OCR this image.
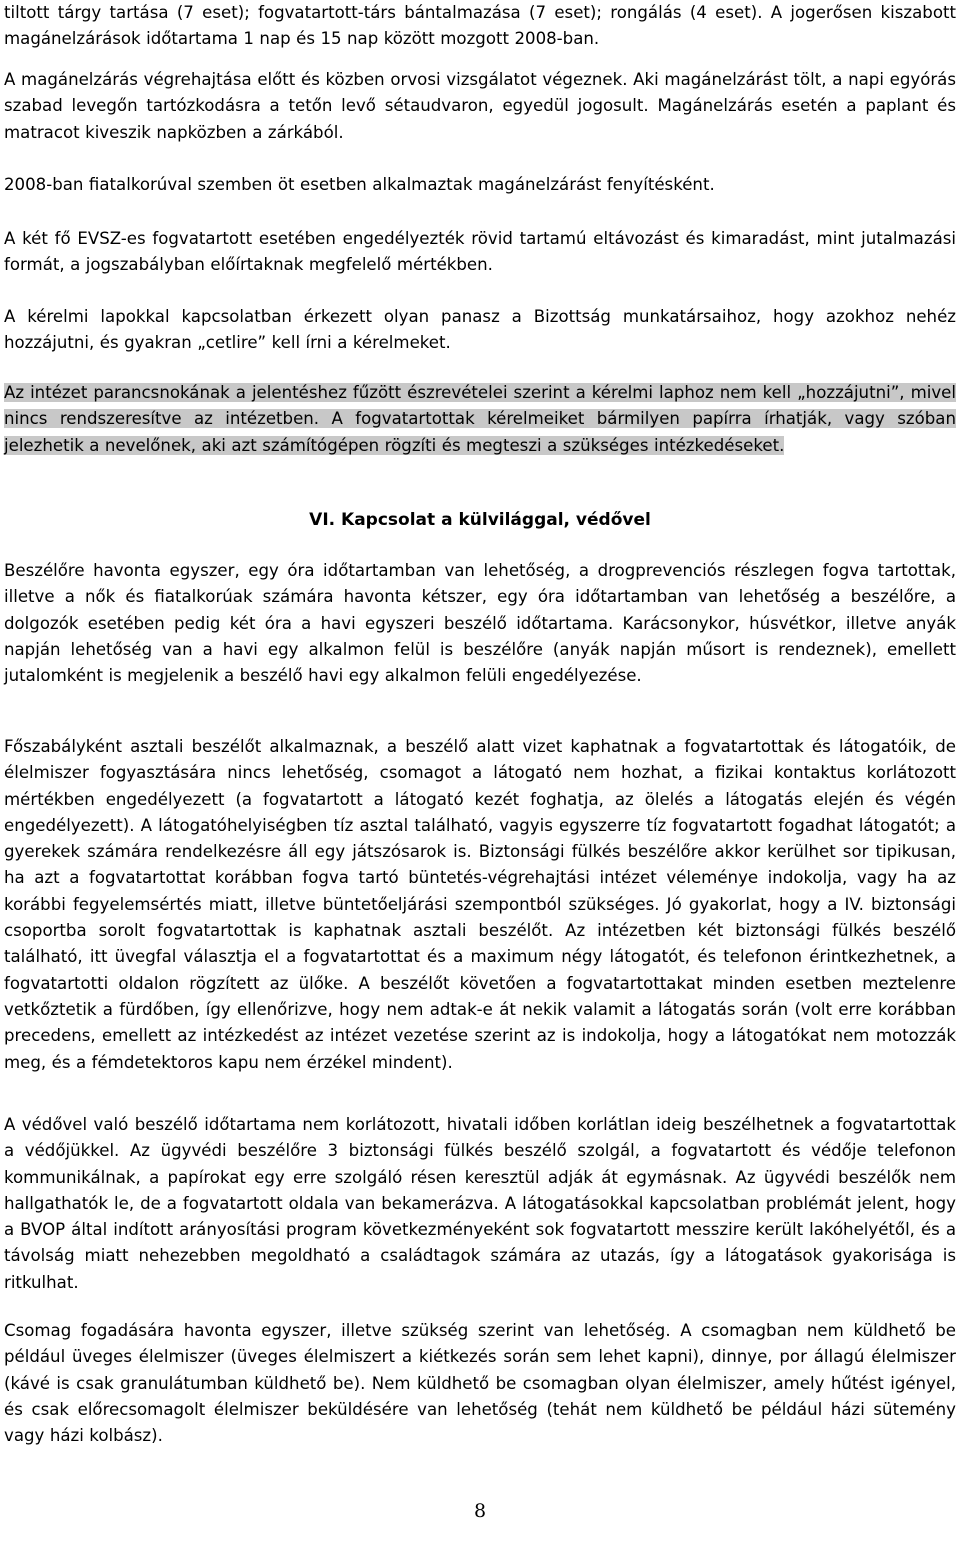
tiltott tárgy tartása (7 eset); fogvatartott-társ bántalmazása (7 eset); rongálás (4 eset). A jogerősen kiszabott magánelzárások időtartama 1 nap és 15 nap között mozgott 2008-ban.

A magánelzárás végrehajtása előtt és közben orvosi vizsgálatot végeznek. Aki magánelzárást tölt, a napi egyórás szabad levegőn tartózkodásra a tetőn levő sétaudvaron, egyedül jogosult. Magánelzárás esetén a paplant és matracot kiveszik napközben a zárkából.

2008-ban fiatalkorúval szemben öt esetben alkalmaztak magánelzárást fenyítésként.

A két fő EVSZ-es fogvatartott esetében engedélyezték rövid tartamú eltávozást és kimaradást, mint jutalmazási formát, a jogszabályban előírtaknak megfelelő mértékben.

A kérelmi lapokkal kapcsolatban érkezett olyan panasz a Bizottság munkatársaihoz, hogy azokhoz nehéz hozzájutni, és gyakran „cetlire” kell írni a kérelmeket.

Az intézet parancsnokának a jelentéshez fűzött észrevételei szerint a kérelmi laphoz nem kell „hozzájutni”, mivel nincs rendszeresítve az intézetben. A fogvatartottak kérelmeiket bármilyen papírra írhatják, vagy szóban jelezhetik a nevelőnek, aki azt számítógépen rögzíti és megteszi a szükséges intézkedéseket.

VI. Kapcsolat a külvilággal, védővel

Beszélőre havonta egyszer, egy óra időtartamban van lehetőség, a drogprevenciós részlegen fogva tartottak, illetve a nők és fiatalkorúak számára havonta kétszer, egy óra időtartamban van lehetőség a beszélőre, a dolgozók esetében pedig két óra a havi egyszeri beszélő időtartama. Karácsonykor, húsvétkor, illetve anyák napján lehetőség van a havi egy alkalmon felül is beszélőre (anyák napján műsort is rendeznek), emellett jutalomként is megjelenik a beszélő havi egy alkalmon felüli engedélyezése.

Főszabályként asztali beszélőt alkalmaznak, a beszélő alatt vizet kaphatnak a fogvatartottak és látogatóik, de élelmiszer fogyasztására nincs lehetőség, csomagot a látogató nem hozhat, a fizikai kontaktus korlátozott mértékben engedélyezett (a fogvatartott a látogató kezét foghatja, az ölelés a látogatás elején és végén engedélyezett). A látogatóhelyiségben tíz asztal található, vagyis egyszerre tíz fogvatartott fogadhat látogatót; a gyerekek számára rendelkezésre áll egy játszósarok is. Biztonsági fülkés beszélőre akkor kerülhet sor tipikusan, ha azt a fogvatartottat korábban fogva tartó büntetés-végrehajtási intézet véleménye indokolja, vagy ha az korábbi fegyelemsértés miatt, illetve büntetőeljárási szempontból szükséges. Jó gyakorlat, hogy a IV. biztonsági csoportba sorolt fogvatartottak is kaphatnak asztali beszélőt. Az intézetben két biztonsági fülkés beszélő található, itt üvegfal választja el a fogvatartottat és a maximum négy látogatót, és telefonon érintkezhetnek, a fogvatartotti oldalon rögzített az ülőke. A beszélőt követően a fogvatartottakat minden esetben meztelenre vetkőztetik a fürdőben, így ellenőrizve, hogy nem adtak-e át nekik valamit a látogatás során (volt erre korábban precedens, emellett az intézkedést az intézet vezetése szerint az is indokolja, hogy a látogatókat nem motozzák meg, és a fémdetektoros kapu nem érzékel mindent).

A védővel való beszélő időtartama nem korlátozott, hivatali időben korlátlan ideig beszélhetnek a fogvatartottak a védőjükkel. Az ügyvédi beszélőre 3 biztonsági fülkés beszélő szolgál, a fogvatartott és védője telefonon kommunikálnak, a papírokat egy erre szolgáló résen keresztül adják át egymásnak. Az ügyvédi beszélők nem hallgathatók le, de a fogvatartott oldala van bekamerázva. A látogatásokkal kapcsolatban problémát jelent, hogy a BVOP által indított arányosítási program következményeként sok fogvatartott messzire került lakóhelyétől, és a távolság miatt nehezebben megoldható a családtagok számára az utazás, így a látogatások gyakorisága is ritkulhat.

Csomag fogadására havonta egyszer, illetve szükség szerint van lehetőség. A csomagban nem küldhető be például üveges élelmiszer (üveges élelmiszert a kiétkezés során sem lehet kapni), dinnye, por állagú élelmiszer (kávé is csak granulátumban küldhető be). Nem küldhető be csomagban olyan élelmiszer, amely hűtést igényel, és csak előrecsomagolt élelmiszer beküldésére van lehetőség (tehát nem küldhető be például házi sütemény vagy házi kolbász).

8
